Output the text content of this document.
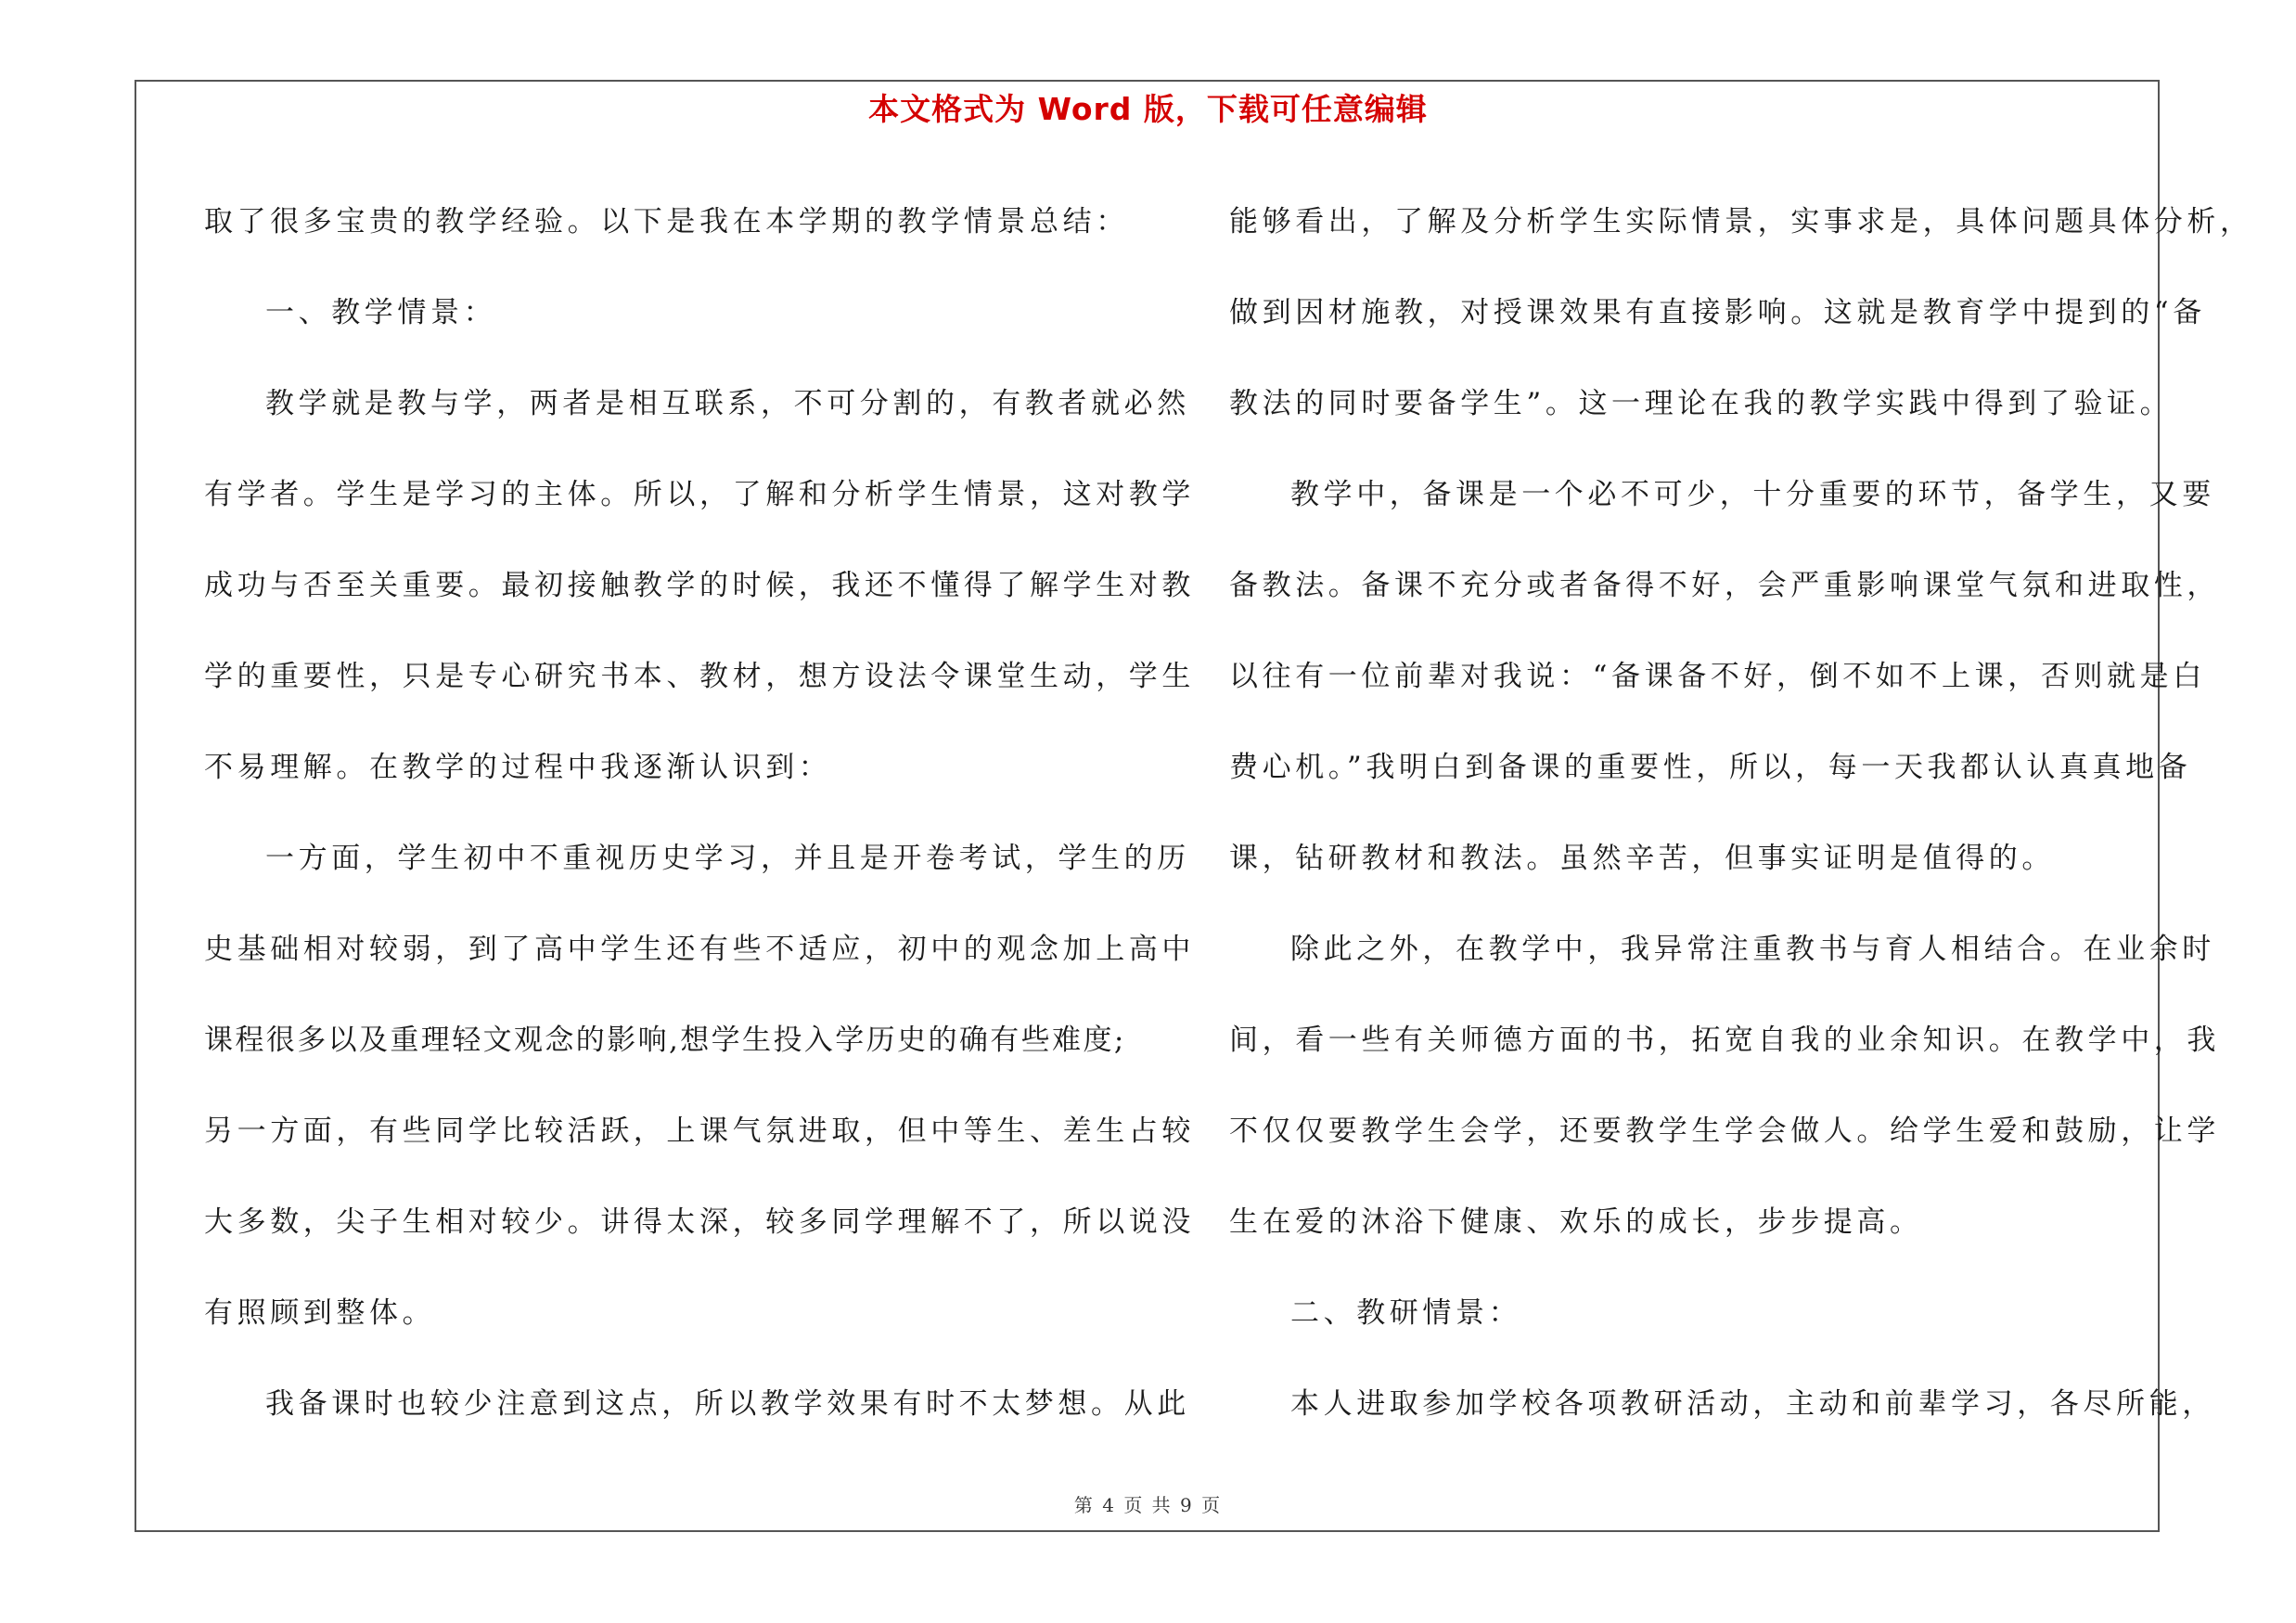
本文格式为 Word 版，下载可任意编辑
取了很多宝贵的教学经验。以下是我在本学期的教学情景总结：
一、教学情景：
教学就是教与学，两者是相互联系，不可分割的，有教者就必然
有学者。学生是学习的主体。所以，了解和分析学生情景，这对教学
成功与否至关重要。最初接触教学的时候，我还不懂得了解学生对教
学的重要性，只是专心研究书本、教材，想方设法令课堂生动，学生
不易理解。在教学的过程中我逐渐认识到：
一方面，学生初中不重视历史学习，并且是开卷考试，学生的历
史基础相对较弱，到了高中学生还有些不适应，初中的观念加上高中
课程很多以及重理轻文观念的影响,想学生投入学历史的确有些难度;
另一方面，有些同学比较活跃，上课气氛进取，但中等生、差生占较
大多数，尖子生相对较少。讲得太深，较多同学理解不了，所以说没
有照顾到整体。
我备课时也较少注意到这点，所以教学效果有时不太梦想。从此
能够看出，了解及分析学生实际情景，实事求是，具体问题具体分析，
做到因材施教，对授课效果有直接影响。这就是教育学中提到的“备
教法的同时要备学生”。这一理论在我的教学实践中得到了验证。
教学中，备课是一个必不可少，十分重要的环节，备学生，又要
备教法。备课不充分或者备得不好，会严重影响课堂气氛和进取性，
以往有一位前辈对我说：“备课备不好，倒不如不上课，否则就是白
费心机。”我明白到备课的重要性，所以，每一天我都认认真真地备
课，钻研教材和教法。虽然辛苦，但事实证明是值得的。
除此之外，在教学中，我异常注重教书与育人相结合。在业余时
间，看一些有关师德方面的书，拓宽自我的业余知识。在教学中，我
不仅仅要教学生会学，还要教学生学会做人。给学生爱和鼓励，让学
生在爱的沐浴下健康、欢乐的成长，步步提高。
二、教研情景：
本人进取参加学校各项教研活动，主动和前辈学习，各尽所能，
第 4 页 共 9 页
